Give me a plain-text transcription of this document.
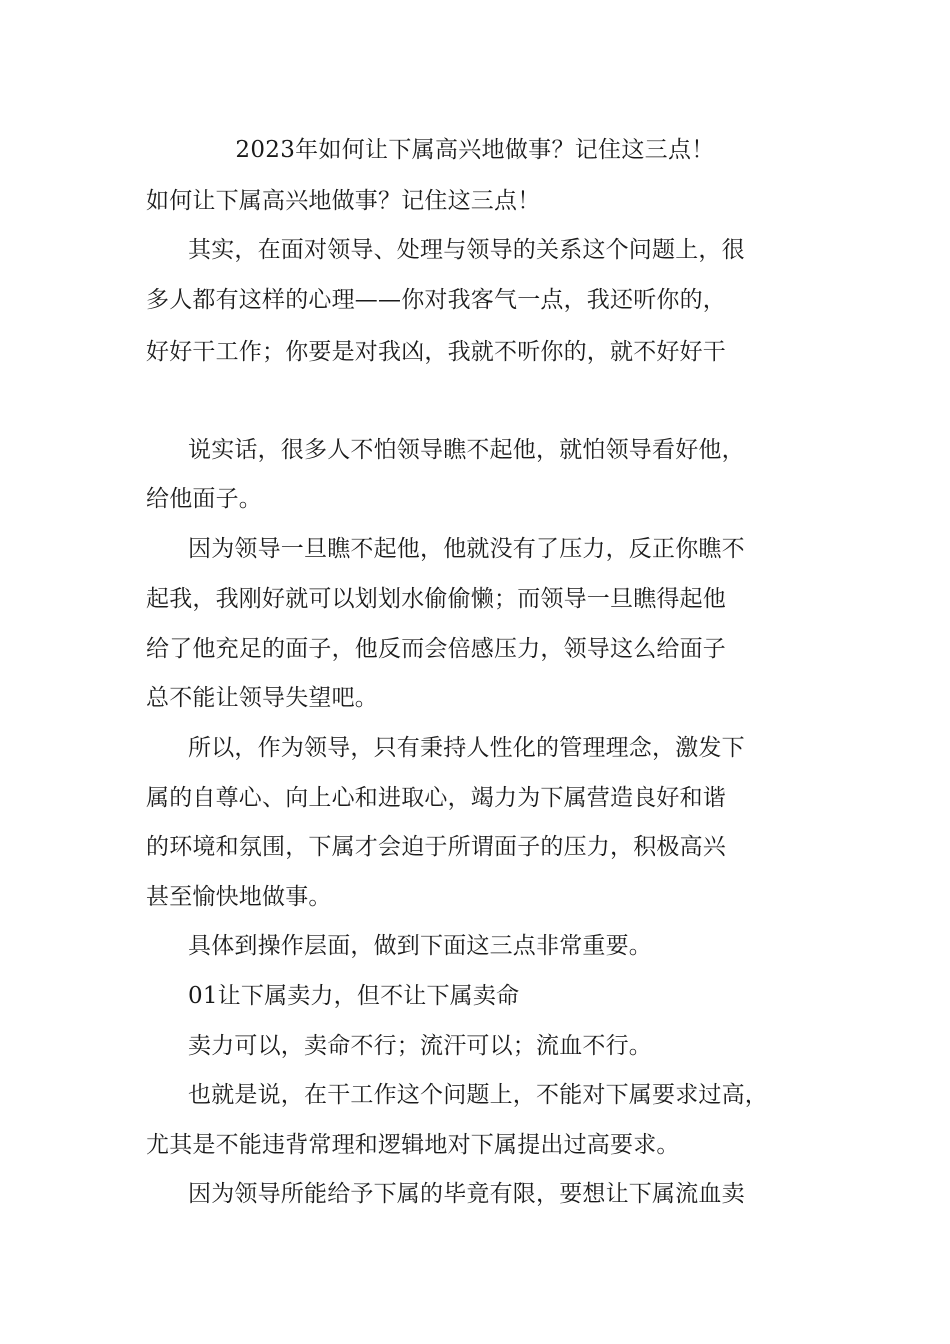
2023年如何让下属高兴地做事？记住这三点！
如何让下属高兴地做事？记住这三点！
其实，在面对领导、处理与领导的关系这个问题上，很
多人都有这样的心理——你对我客气一点，我还听你的，
好好干工作；你要是对我凶，我就不听你的，就不好好干
说实话，很多人不怕领导瞧不起他，就怕领导看好他，
给他面子。
因为领导一旦瞧不起他，他就没有了压力，反正你瞧不
起我，我刚好就可以划划水偷偷懒；而领导一旦瞧得起他
给了他充足的面子，他反而会倍感压力，领导这么给面子
总不能让领导失望吧。
所以，作为领导，只有秉持人性化的管理理念，激发下
属的自尊心、向上心和进取心，竭力为下属营造良好和谐
的环境和氛围，下属才会迫于所谓面子的压力，积极高兴
甚至愉快地做事。
具体到操作层面，做到下面这三点非常重要。
01让下属卖力，但不让下属卖命
卖力可以，卖命不行；流汗可以；流血不行。
也就是说，在干工作这个问题上，不能对下属要求过高，
尤其是不能违背常理和逻辑地对下属提出过高要求。
因为领导所能给予下属的毕竟有限，要想让下属流血卖
